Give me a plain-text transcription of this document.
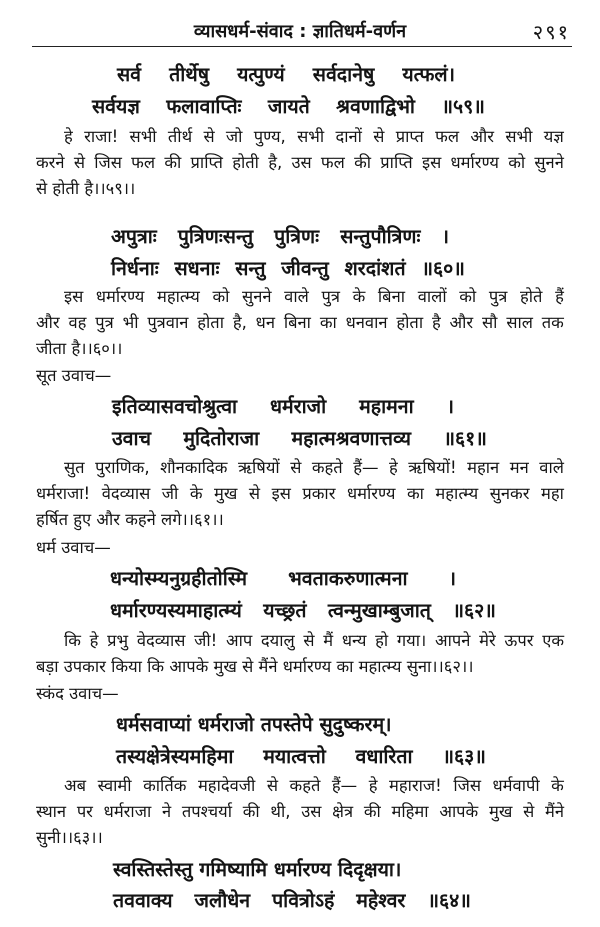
व्यासधर्म-संवाद : ज्ञातिधर्म-वर्णन	२९१
सर्व तीर्थेषु यत्पुण्यं सर्वदानेषु यत्फलं।
सर्वयज्ञ फलावाप्तिः जायते श्रवणाद्विभो ॥५९॥
हे राजा! सभी तीर्थ से जो पुण्य, सभी दानों से प्राप्त फल और सभी यज्ञ
करने से जिस फल की प्राप्ति होती है, उस फल की प्राप्ति इस धर्मारण्य को सुनने
से होती है।।५९।।
अपुत्राः पुत्रिणःसन्तु पुत्रिणः सन्तुपौत्रिणः ।
निर्धनाः सधनाः सन्तु जीवन्तु शरदांशतं ॥६०॥
इस धर्मारण्य महात्म्य को सुनने वाले पुत्र के बिना वालों को पुत्र होते हैं
और वह पुत्र भी पुत्रवान होता है, धन बिना का धनवान होता है और सौ साल तक
जीता है।।६०।।
सूत उवाच—
इतिव्यासवचोश्रुत्वा धर्मराजो महामना ।
उवाच मुदितोराजा महात्मश्रवणात्तव्य ॥६१॥
सुत पुराणिक, शौनकादिक ऋषियों से कहते हैं— हे ऋषियों! महान मन वाले
धर्मराजा! वेदव्यास जी के मुख से इस प्रकार धर्मारण्य का महात्म्य सुनकर महा
हर्षित हुए और कहने लगे।।६१।।
धर्म उवाच—
धन्योस्म्यनुग्रहीतोस्मि भवताकरुणात्मना ।
धर्मारण्यस्यमाहात्म्यं यच्छ्रतं त्वन्मुखाम्बुजात् ॥६२॥
कि हे प्रभु वेदव्यास जी! आप दयालु से मैं धन्य हो गया। आपने मेरे ऊपर एक
बड़ा उपकार किया कि आपके मुख से मैंने धर्मारण्य का महात्म्य सुना।।६२।।
स्कंद उवाच—
धर्मसवाप्यां धर्मराजो तपस्तेपे सुदुष्करम्।
तस्यक्षेत्रेस्यमहिमा मयात्वत्तो वधारिता ॥६३॥
अब स्वामी कार्तिक महादेवजी से कहते हैं— हे महाराज! जिस धर्मवापी के
स्थान पर धर्मराजा ने तपश्चर्या की थी, उस क्षेत्र की महिमा आपके मुख से मैंने
सुनी।।६३।।
स्वस्तिस्तेस्तु गमिष्यामि धर्मारण्य दिदृक्षया।
तववाक्य जलौधेन पवित्रोऽहं महेश्वर ॥६४॥
